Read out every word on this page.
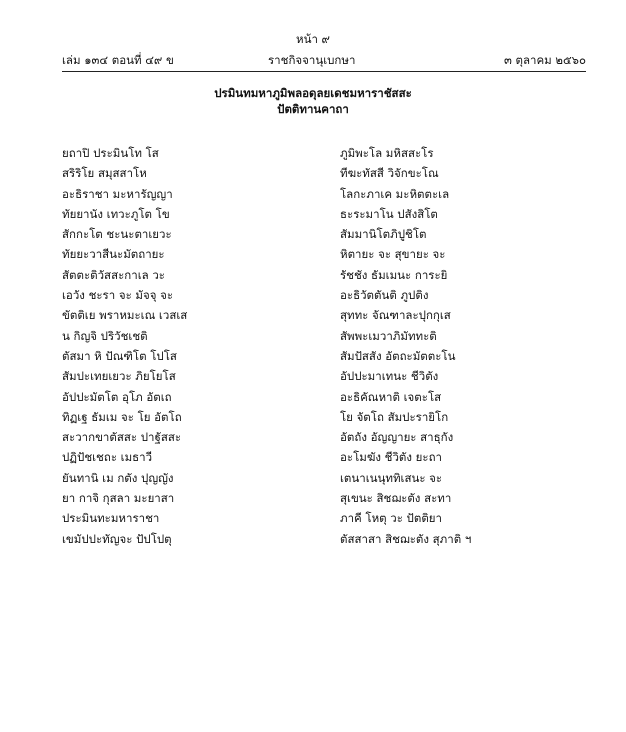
หน้า ๙
เล่ม ๑๓๔ ตอนที่ ๔๙ ข	ราชกิจจานุเบกษา	๓ ตุลาคม ๒๕๖๐
ปรมินทมหาภูมิพลอดุลยเดชมหาราชัสสะ
ปัตติทานคาถา
ยถาปิ ประมินโท โส	ภูมิพะโล มหิสสะโร
สริริโย สมุสสาโห	ทีฆะทัสสี วิจักขะโณ
อะธิราชา มะหารัญญา	โลกะภาเค มะหิตตะเล
ทัยยานัง เทวะภูโต โข	ธะระมาโน ปสังสิโต
สักกะโต ชะนะตาเยวะ	สัมมานิโตภิปูชิโต
ทัยยะวาสีนะมัตถายะ	หิตายะ จะ สุขายะ จะ
สัตตะติวัสสะกาเล วะ	รัชชัง ธัมเมนะ การะยิ
เอวัง ชะรา จะ มัจจุ จะ	อะธิวัตตันติ ภูปติง
ขัตติเย พราหมะเณ เวสเส	สุททะ จัณฑาละปุกกุเส
น กิญจิ ปริวัชเชติ	สัพพะเมวาภิมัททะติ
ตัสมา หิ ปัณฑิโต โปโส	สัมปัสสัง อัตถะมัตตะโน
สัมปะเทยเยวะ ภิยโยโส	อัปปะมาเทนะ ชีวิตัง
อัปปะมัตโต อุโภ อัตเถ	อะธิคัณหาติ เจตะโส
ทิฏเฐ ธัมเม จะ โย อัตโถ	โย จัตโถ สัมปะรายิโก
สะวากขาตัสสะ ปาฐัสสะ	อัตถัง อัญญายะ สาธุกัง
ปฏิปัชเชถะ เมธาวี	อะโมฆัง ชีวิตัง ยะถา
ยันทานิ เม กตัง ปุญญัง	เตนาเนนุททิเสนะ จะ
ยา กาจิ กุสลา มะยาสา	สุเขนะ สิชฌะตัง สะทา
ประมินทะมหาราชา	ภาคี โหตุ วะ ปัตติยา
เขมัปปะทัญจะ ปัปโปตุ	ตัสสาสา สิชฌะตัง สุภาติ ฯ
